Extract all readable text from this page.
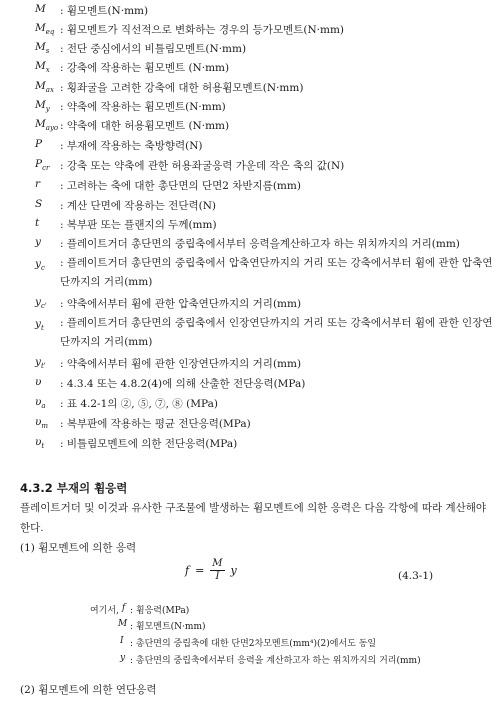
M : 휨모멘트(N·mm)
$M_{eq}$ : 휨모멘트가 직선적으로 변화하는 경우의 등가모멘트(N·mm)
$M_s$ : 전단 중심에서의 비틀림모멘트(N·mm)
$M_x$ : 강축에 작용하는 휨모멘트 (N·mm)
$M_{ax}$ : 횡좌굴을 고려한 강축에 대한 허용휨모멘트(N·mm)
$M_y$ : 약축에 작용하는 휨모멘트(N·mm)
$M_{ayo}$ : 약축에 대한 허용휨모멘트 (N·mm)
P : 부재에 작용하는 축방향력(N)
$P_{cr}$ : 강축 또는 약축에 관한 허용좌굴응력 가운데 작은 축의 값(N)
r : 고려하는 축에 대한 총단면의 단면2 차반지름(mm)
S : 계산 단면에 작용하는 전단력(N)
t : 복부판 또는 플랜지의 두께(mm)
y : 플레이트거더 총단면의 중립축에서부터 응력을계산하고자 하는 위치까지의 거리(mm)
$y_c$ : 플레이트거더 총단면의 중립축에서 압축연단까지의 거리 또는 강축에서부터 휨에 관한 압축연단까지의 거리(mm)
$y_{c'}$ : 약축에서부터 휨에 관한 압축연단까지의 거리(mm)
$y_t$ : 플레이트거더 총단면의 중립축에서 인장연단까지의 거리 또는 강축에서부터 휨에 관한 인장연단까지의 거리(mm)
$y_{t'}$ : 약축에서부터 휨에 관한 인장연단까지의 거리(mm)
υ : 4.3.4 또는 4.8.2(4)에 의해 산출한 전단응력(MPa)
$\upsilon_a$ : 표 4.2-1의 ②, ⑤, ⑦, ⑧ (MPa)
$\upsilon_m$ : 복부판에 작용하는 평균 전단응력(MPa)
$\upsilon_t$ : 비틀림모멘트에 의한 전단응력(MPa)
4.3.2 부재의 휨응력
플레이트거더 및 이것과 유사한 구조물에 발생하는 휨모멘트에 의한 응력은 다음 각항에 따라 계산해야 한다.
(1) 휨모멘트에 의한 응력
$f = \frac{M}{I}$ y	(4.3-1)
여기서, f : 휨응력(MPa)
M : 휨모멘트(N·mm)
I : 총단면의 중립축에 대한 단면2차모멘트(mm⁴)(2)에서도 동일
y : 총단면의 중립축에서부터 응력을 계산하고자 하는 위치까지의 거리(mm)
(2) 휨모멘트에 의한 연단응력
